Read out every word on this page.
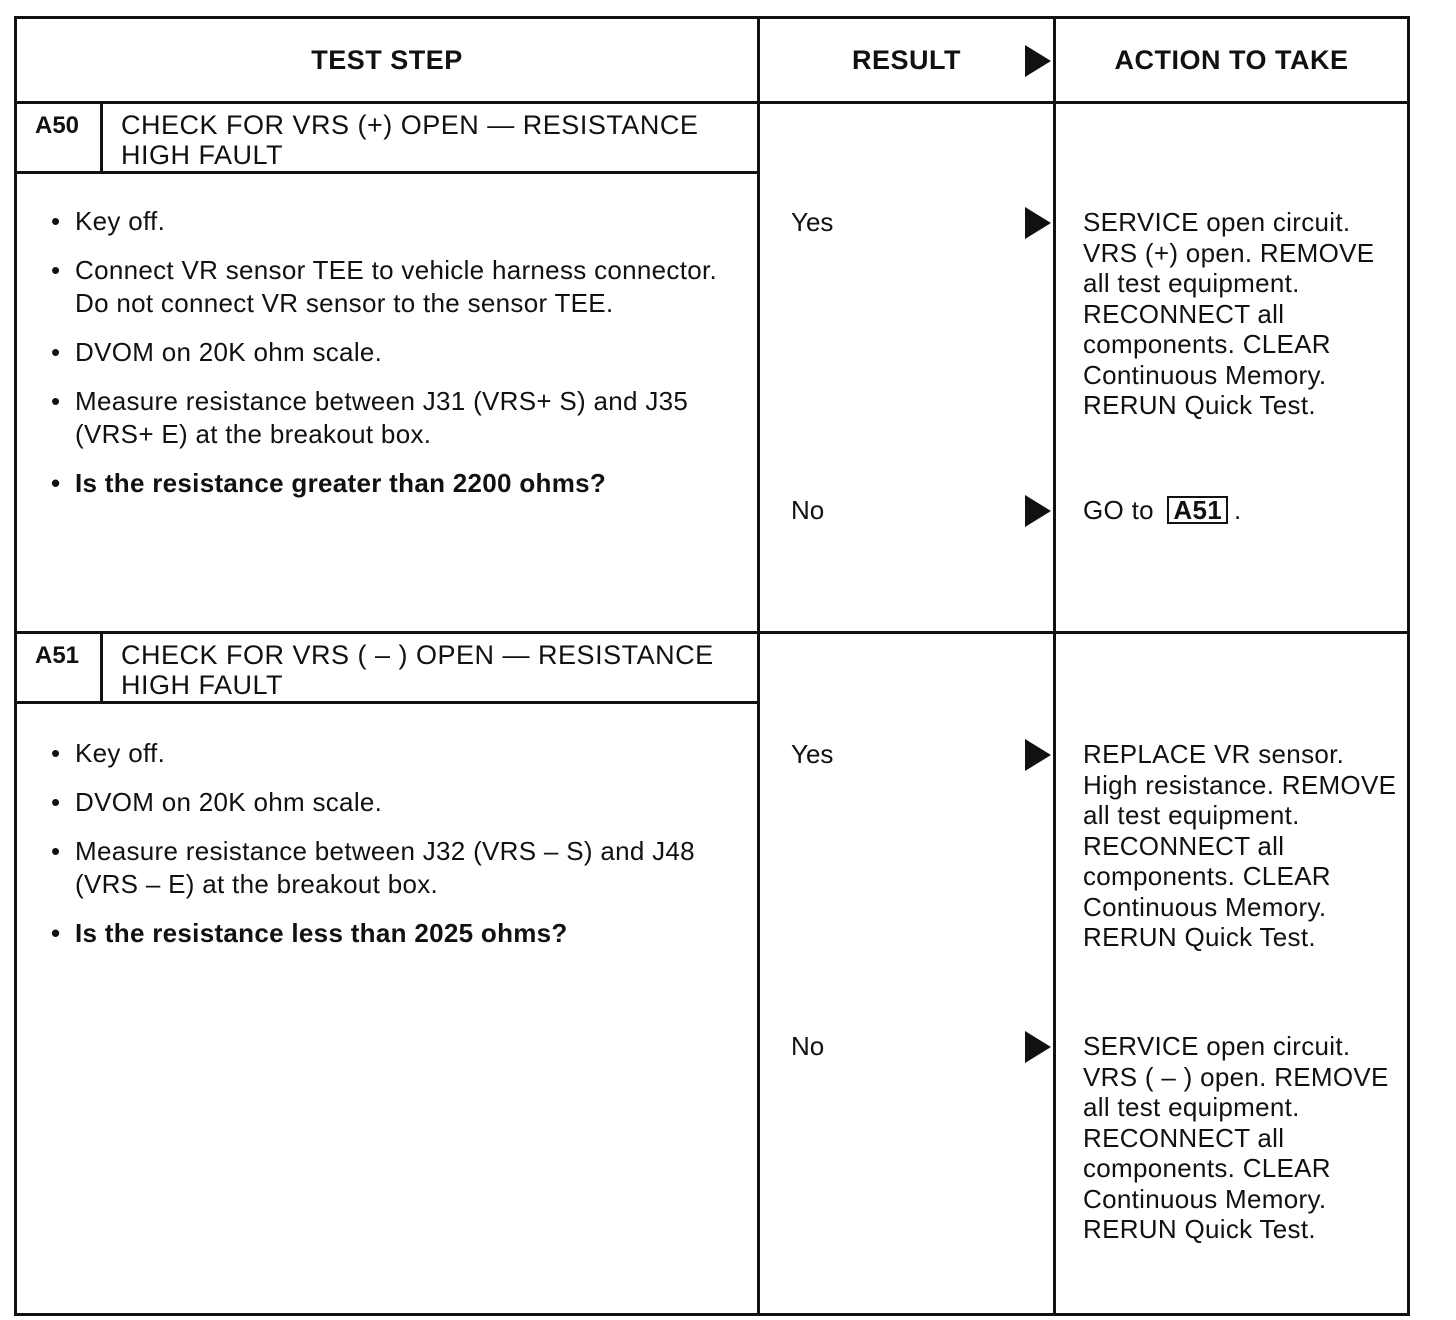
TEST STEP	RESULT	ACTION TO TAKE
A50	CHECK FOR VRS (+) OPEN — RESISTANCE HIGH FAULT
• Key off.
• Connect VR sensor TEE to vehicle harness connector. Do not connect VR sensor to the sensor TEE.
• DVOM on 20K ohm scale.
• Measure resistance between J31 (VRS+ S) and J35 (VRS+ E) at the breakout box.
• Is the resistance greater than 2200 ohms?
Yes	SERVICE open circuit. VRS (+) open. REMOVE all test equipment. RECONNECT all components. CLEAR Continuous Memory. RERUN Quick Test.
No	GO to A51 .
A51	CHECK FOR VRS ( – ) OPEN — RESISTANCE HIGH FAULT
• Key off.
• DVOM on 20K ohm scale.
• Measure resistance between J32 (VRS – S) and J48 (VRS – E) at the breakout box.
• Is the resistance less than 2025 ohms?
Yes	REPLACE VR sensor. High resistance. REMOVE all test equipment. RECONNECT all components. CLEAR Continuous Memory. RERUN Quick Test.
No	SERVICE open circuit. VRS ( – ) open. REMOVE all test equipment. RECONNECT all components. CLEAR Continuous Memory. RERUN Quick Test.
